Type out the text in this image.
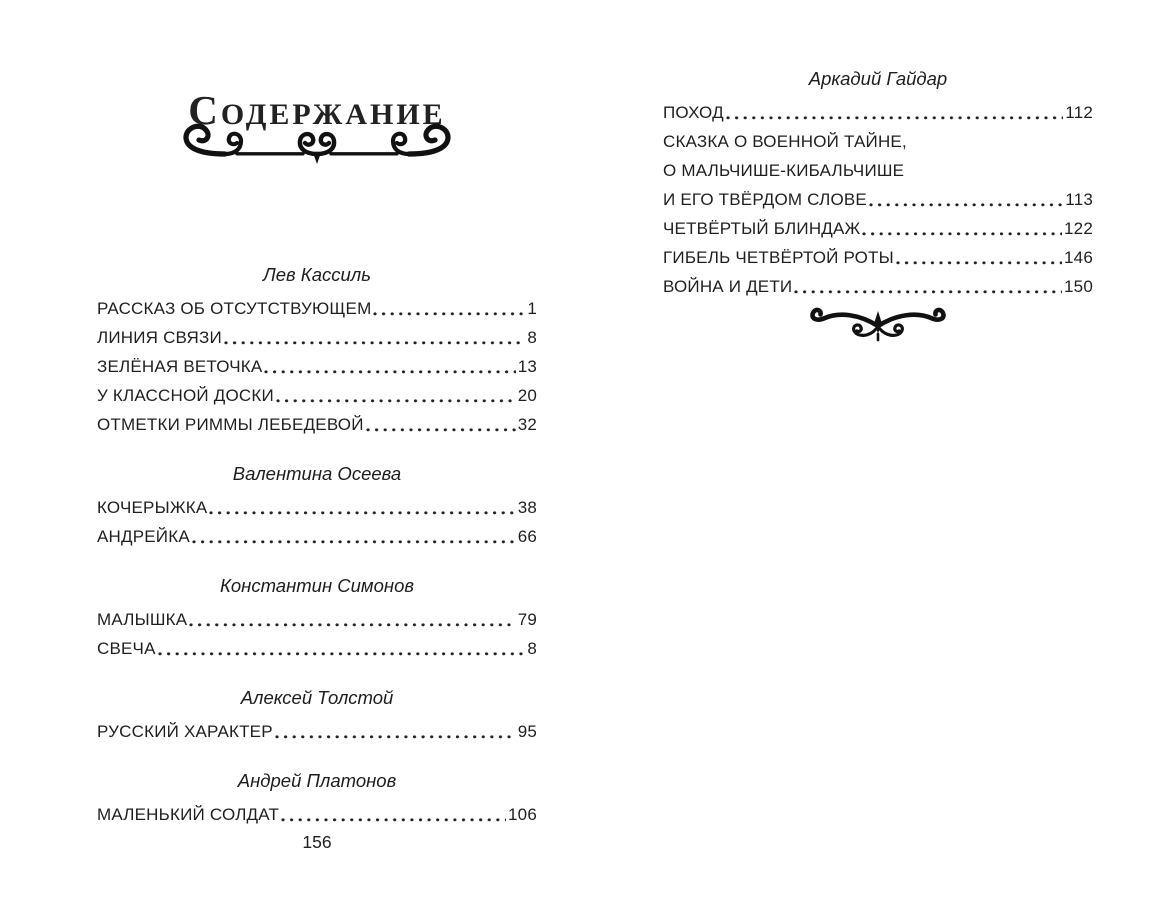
СОДЕРЖАНИЕ
Лев Кассиль
РАССКАЗ ОБ ОТСУТСТВУЮЩЕМ	1
ЛИНИЯ СВЯЗИ	8
ЗЕЛЁНАЯ ВЕТОЧКА	13
У КЛАССНОЙ ДОСКИ	20
ОТМЕТКИ РИММЫ ЛЕБЕДЕВОЙ	32
Валентина Осеева
КОЧЕРЫЖКА	38
АНДРЕЙКА	66
Константин Симонов
МАЛЫШКА	79
СВЕЧА	8
Алексей Толстой
РУССКИЙ ХАРАКТЕР	95
Андрей Платонов
МАЛЕНЬКИЙ СОЛДАТ	106
Аркадий Гайдар
ПОХОД	112
СКАЗКА О ВОЕННОЙ ТАЙНЕ,
О МАЛЬЧИШЕ-КИБАЛЬЧИШЕ
И ЕГО ТВЁРДОМ СЛОВЕ	113
ЧЕТВЁРТЫЙ БЛИНДАЖ	122
ГИБЕЛЬ ЧЕТВЁРТОЙ РОТЫ	146
ВОЙНА И ДЕТИ	150
156
